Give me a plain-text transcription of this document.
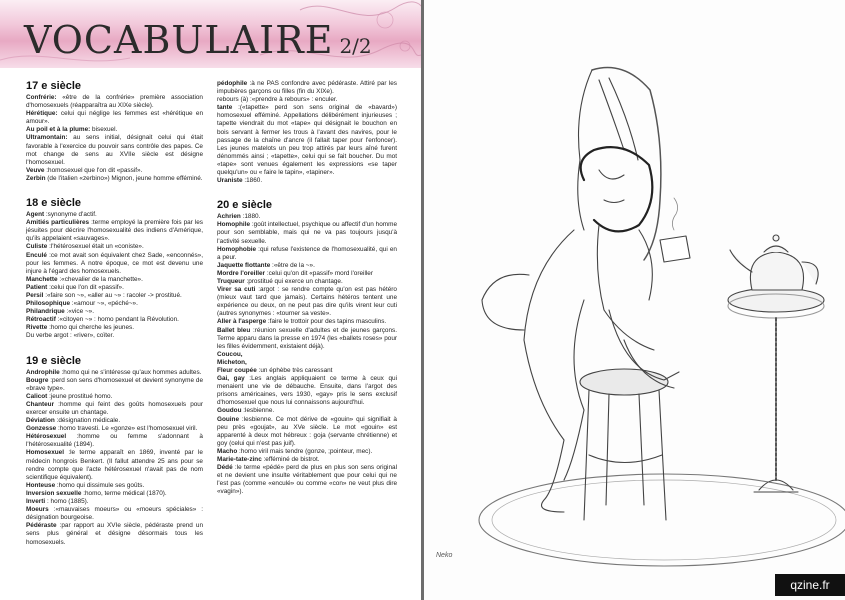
VOCABULAIRE 2/2
17 e siècle

Confrérie: «être de la confrérie» première association d'homosexuels (réapparaîtra au XIXe siècle).

Hérétique: celui qui néglige les femmes est «hérétique en amour».

Au poil et à la plume: bisexuel.

Ultramontain: au sens initial, désignait celui qui était favorable à l'exercice du pouvoir sans contrôle des papes. Ce mot change de sens au XVIIe siècle est désigne l'homosexuel.

Veuve :homosexuel que l'on dit «passif».

Zerbin (de l'italien «zerbino») Mignon, jeune homme efféminé.

18 e siècle

Agent :synonyme d'actif.

Amitiés particulières :terme employé la première fois par les jésuites pour décrire l'homosexualité des indiens d'Amérique, qu'ils appelaient «sauvages».

Culiste :l'hétérosexuel était un «coniste».

Enculé :ce mot avait son équivalent chez Sade, «enconnés», pour les femmes. A notre époque, ce mot est devenu une injure à l'égard des homosexuels.

Manchette :«chevalier de la manchette».

Patient :celui que l'on dit «passif».

Persil :«faire son ~», «aller au ~» : racoler -> prostitué.

Philosophique :«amour ~», «péché~».

Philandrique :«vice ~».

Rétroactif :«citoyen ~» : homo pendant la Révolution.

Rivette :homo qui cherche les jeunes.

Du verbe argot : «river», coïter.

19 e siècle

Androphile :homo qui ne s'intéresse qu'aux hommes adultes.

Bougre :perd son sens d'homosexuel et devient synonyme de «brave type».

Calicot :jeune prostitué homo.

Chanteur :homme qui feint des goûts homosexuels pour exercer ensuite un chantage.

Déviation :désignation médicale.

Gonzesse :homo travesti. Le «gonze» est l'homosexuel viril.

Hétérosexuel :homme ou femme s'adonnant à l'hétérosexualité (1894).

Homosexuel :le terme apparaît en 1869, inventé par le médecin hongrois Benkert. (Il fallut attendre 25 ans pour se rendre compte que l'acte hétérosexuel n'avait pas de nom scientifique équivalent).

Honteuse :homo qui dissimule ses goûts.

Inversion sexuelle :homo, terme médical (1870).

Inverti : homo (1885).

Moeurs :«mauvaises moeurs» ou «moeurs spéciales» : désignation bourgeoise.

Pédéraste :par rapport au XVIe siècle, pédéraste prend un sens plus général et désigne désormais tous les homosexuels.

pédophile :à ne PAS confondre avec pédéraste. Attiré par les impubères garçons ou filles (fin du XIXe).

rebours (à) :«prendre à rebours» : enculer.

tante :(«tapette» perd son sens original de «bavard») homosexuel efféminé. Appellations délibérément injurieuses ; tapette viendrait du mot «tape» qui désignait le bouchon en bois servant à fermer les trous à l'avant des navires, pour le passage de la chaîne d'ancre (il fallait taper pour l'enfoncer). Les jeunes matelots un peu trop attirés par leurs aîné furent dénommés ainsi ; «tapette», celui qui se fait boucher. Du mot «tape» sont venues également les expressions «se taper quelqu'un» ou « faire le tapin», «tapiner».

Uraniste :1860.

20 e siècle

Achrien :1880.

Homophile :goût intellectuel, psychique ou affectif d'un homme pour son semblable, mais qui ne va pas toujours jusqu'à l'activité sexuelle.

Homophobie :qui refuse l'existence de l'homosexualité, qui en a peur.

Jaquette flottante :«être de la ~».

Mordre l'oreiller :celui qu'on dit «passif» mord l'oreiller

Truqueur :prostitué qui exerce un chantage.

Virer sa cuti :argot : se rendre compte qu'on est pas hétéro (mieux vaut tard que jamais). Certains hétéros tentent une expérience ou deux, on ne peut pas dire qu'ils virent leur cuti (autres synonymes : «tourner sa veste».

Aller à l'asperge :faire le trottoir pour des tapins masculins.

Ballet bleu :réunion sexuelle d'adultes et de jeunes garçons. Terme apparu dans la presse en 1974 (les «ballets roses» pour les filles évidemment, existaient déjà).

Coucou,

Micheton,

Fleur coupée :un éphèbe très caressant

Gai, gay :Les anglais appliquaient ce terme à ceux qui menaient une vie de débauche. Ensuite, dans l'argot des prisons américaines, vers 1930, «gay» pris le sens exclusif d'homosexuel que nous lui connaissons aujourd'hui.

Goudou :lesbienne.

Gouine :lesbienne. Ce mot dérive de «gouin» qui signifiait à peu près «goujat», au XVe siècle. Le mot «gouin» est apparenté à deux mot hébreux : goja (servante chrétienne) et goy (celui qui n'est pas juif).

Macho :homo viril mais tendre (gonze, ;pointeur, mec).

Marie-tate-zinc :efféminé de bistrot.

Dédé :le terme «pédé» perd de plus en plus son sens original et ne devient une insulte véritablement que pour celui qui ne l'est pas (comme «enculé» ou comme «con» ne veut plus dire «vagin»).

Neko
qzine.fr
